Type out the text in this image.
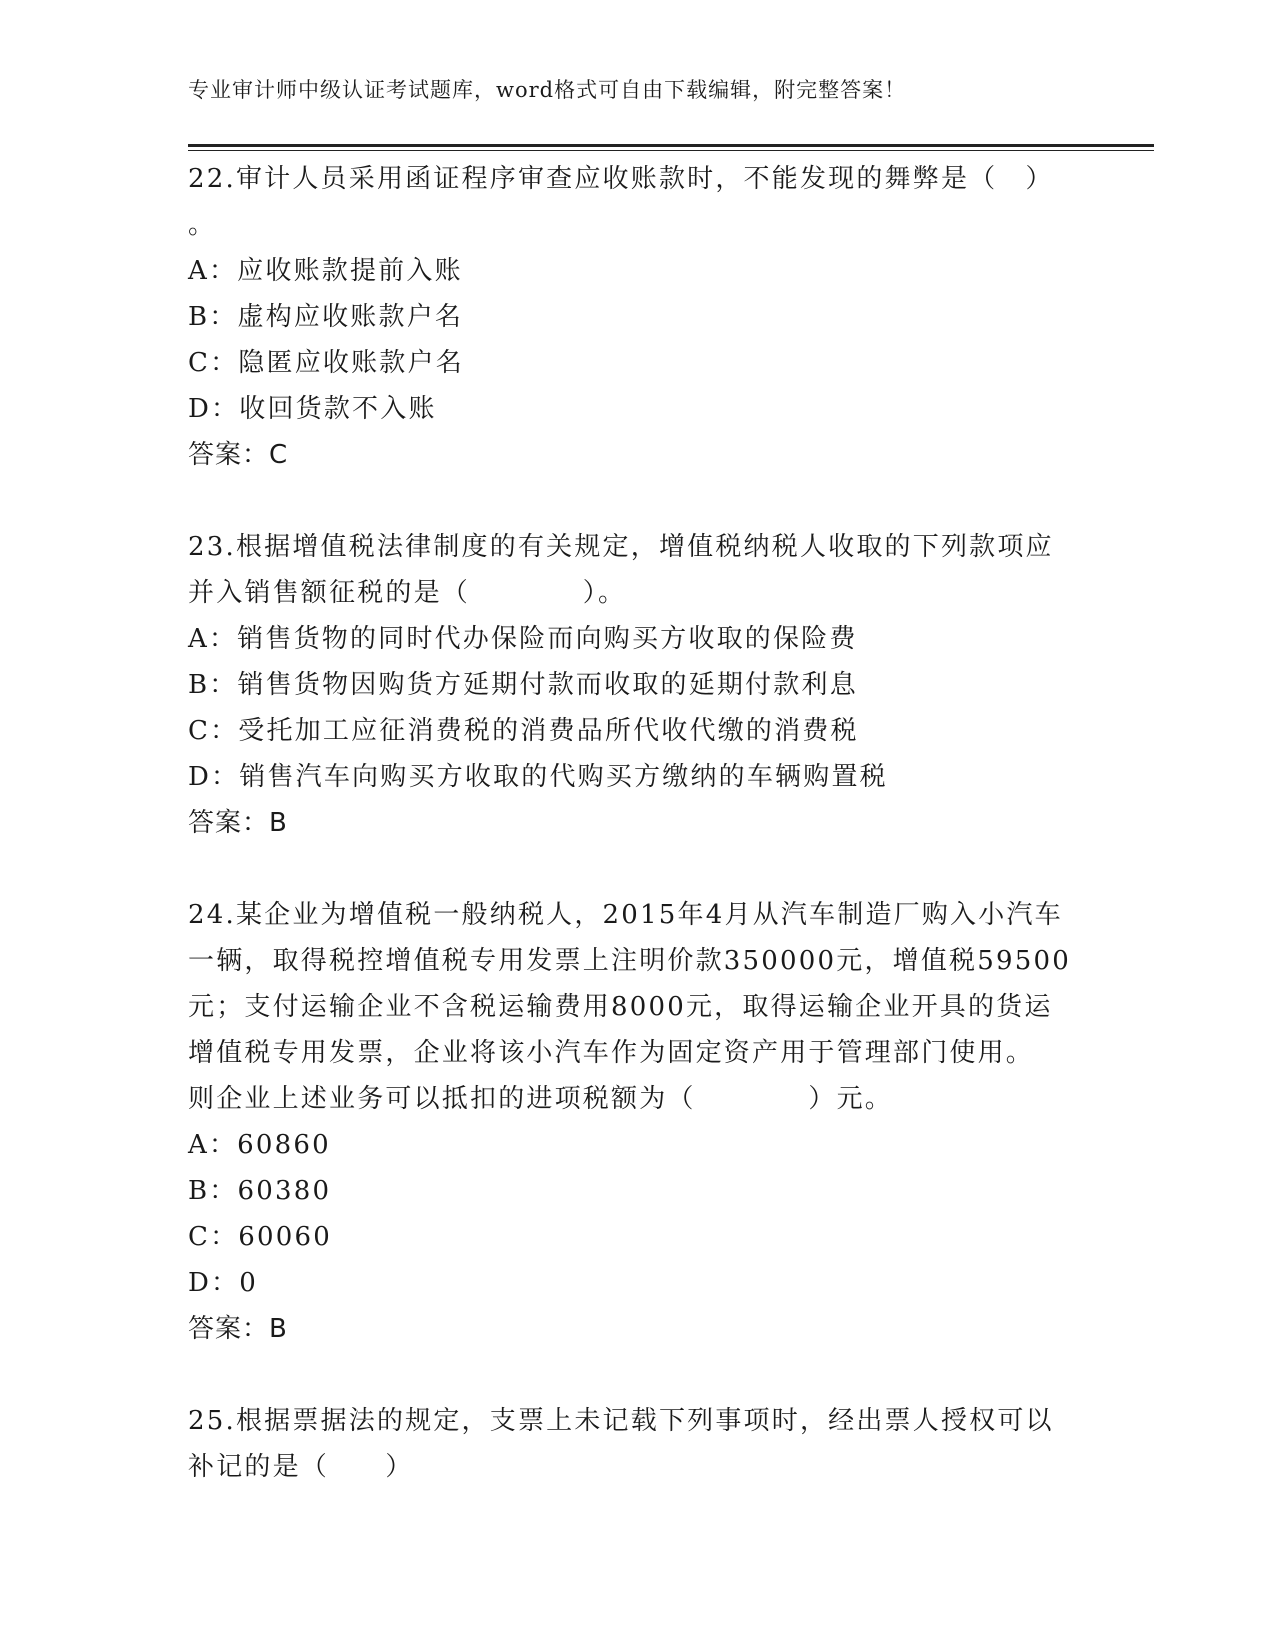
专业审计师中级认证考试题库，word格式可自由下载编辑，附完整答案！

22.审计人员采用函证程序审查应收账款时，不能发现的舞弊是（　）

。

A：应收账款提前入账

B：虚构应收账款户名

C：隐匿应收账款户名

D：收回货款不入账

答案：C

23.根据增值税法律制度的有关规定，增值税纳税人收取的下列款项应

并入销售额征税的是（　　　　）。

A：销售货物的同时代办保险而向购买方收取的保险费

B：销售货物因购货方延期付款而收取的延期付款利息

C：受托加工应征消费税的消费品所代收代缴的消费税

D：销售汽车向购买方收取的代购买方缴纳的车辆购置税

答案：B

24.某企业为增值税一般纳税人，2015年4月从汽车制造厂购入小汽车

一辆，取得税控增值税专用发票上注明价款350000元，增值税59500

元；支付运输企业不含税运输费用8000元，取得运输企业开具的货运

增值税专用发票，企业将该小汽车作为固定资产用于管理部门使用。

则企业上述业务可以抵扣的进项税额为（　　　　）元。

A：60860

B：60380

C：60060

D：0

答案：B

25.根据票据法的规定，支票上未记载下列事项时，经出票人授权可以

补记的是（　　）
